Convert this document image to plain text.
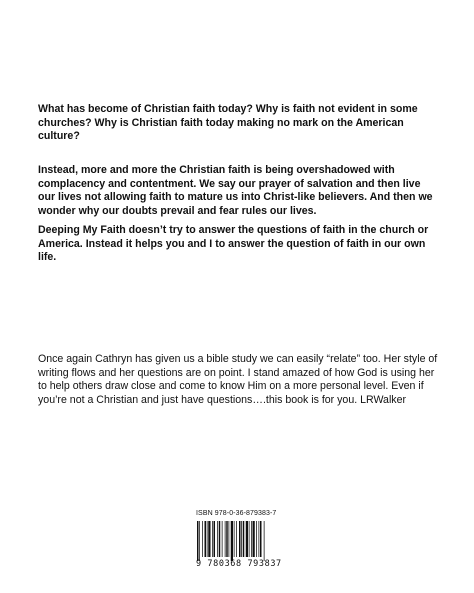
What has become of Christian faith today? Why is faith not evident in some churches? Why is Christian faith today making no mark on the American culture?

Instead, more and more the Christian faith is being overshadowed with complacency and contentment. We say our prayer of salvation and then live our lives not allowing faith to mature us into Christ-like believers. And then we wonder why our doubts prevail and fear rules our lives.

Deeping My Faith doesn’t try to answer the questions of faith in the church or America. Instead it helps you and I to answer the question of faith in our own life.

Once again Cathryn has given us a bible study we can easily “relate” too. Her style of writing flows and her questions are on point. I stand amazed of how God is using her to help others draw close and come to know Him on a more personal level. Even if you’re not a Christian and just have questions….this book is for you. LRWalker

ISBN 978-0-36-879383-7

9 780368 793837
